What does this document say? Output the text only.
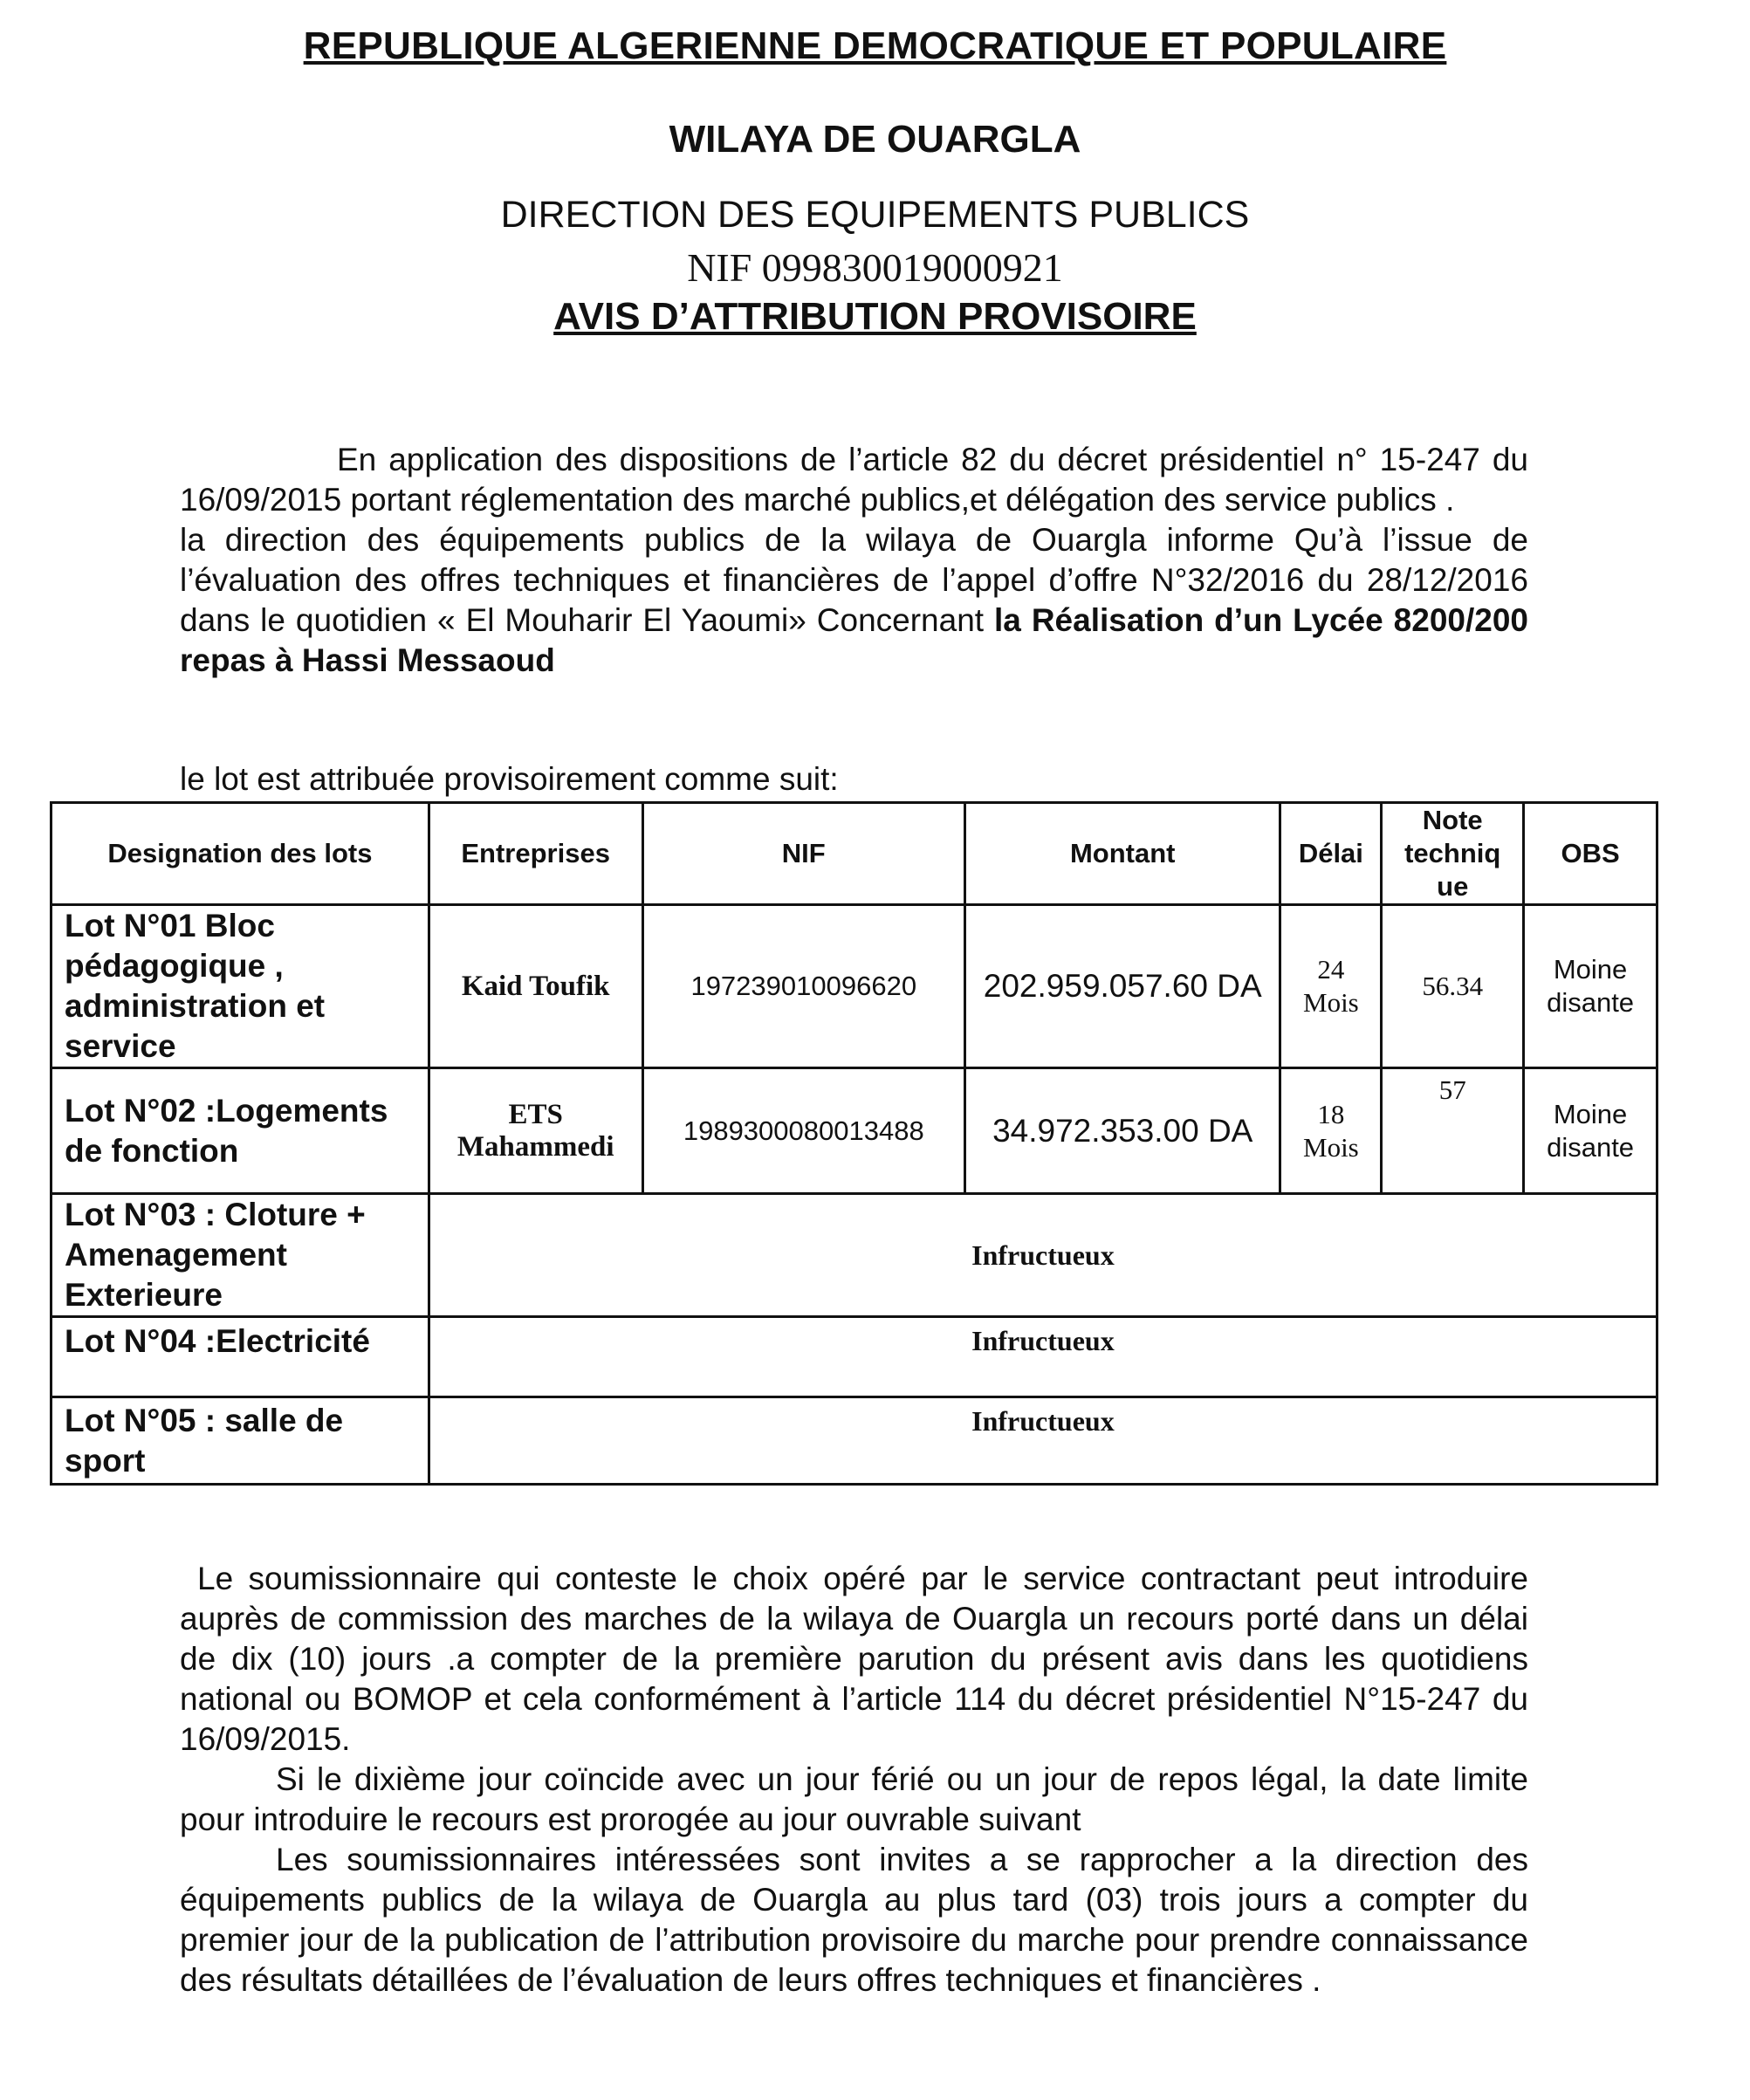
REPUBLIQUE ALGERIENNE DEMOCRATIQUE ET POPULAIRE
WILAYA DE OUARGLA
DIRECTION DES EQUIPEMENTS PUBLICS
NIF 099830019000921
AVIS D’ATTRIBUTION PROVISOIRE

En application des dispositions de l’article 82 du décret présidentiel n° 15-247 du 16/09/2015 portant réglementation des marché publics,et délégation des service publics .

la direction des équipements publics de la wilaya de Ouargla informe Qu’à l’issue de l’évaluation des offres techniques et financières de l’appel d’offre N°32/2016 du 28/12/2016 dans le quotidien « El Mouharir El Yaoumi» Concernant la Réalisation d’un Lycée 8200/200 repas à Hassi Messaoud

le lot est attribuée provisoirement comme suit:
Designation des lots	Entreprises	NIF	Montant	Délai	Note techniq ue	OBS
Lot N°01 Bloc pédagogique , administration et service	Kaid Toufik	197239010096620	202.959.057.60 DA	24 Mois	56.34	Moine disante
Lot N°02 :Logements de fonction	ETS Mahammedi	1989300080013488	34.972.353.00 DA	18 Mois	57	Moine disante
Lot N°03 : Cloture + Amenagement Exterieure	Infructueux					
Lot N°04 :Electricité	Infructueux					
Lot N°05 : salle de sport	Infructueux					

Le soumissionnaire qui conteste le choix opéré par le service contractant peut introduire auprès de commission des marches de la wilaya de Ouargla un recours porté dans un délai de dix (10) jours .a compter de la première parution du présent avis dans les quotidiens national ou BOMOP et cela conformément à l’article 114 du décret présidentiel N°15-247 du 16/09/2015.

Si le dixième jour coïncide avec un jour férié ou un jour de repos légal, la date limite pour introduire le recours est prorogée au jour ouvrable suivant

Les soumissionnaires intéressées sont invites a se rapprocher a la direction des équipements publics de la wilaya de Ouargla au plus tard (03) trois jours a compter du premier jour de la publication de l’attribution provisoire du marche pour prendre connaissance des résultats détaillées de l’évaluation de leurs offres techniques et financières .
